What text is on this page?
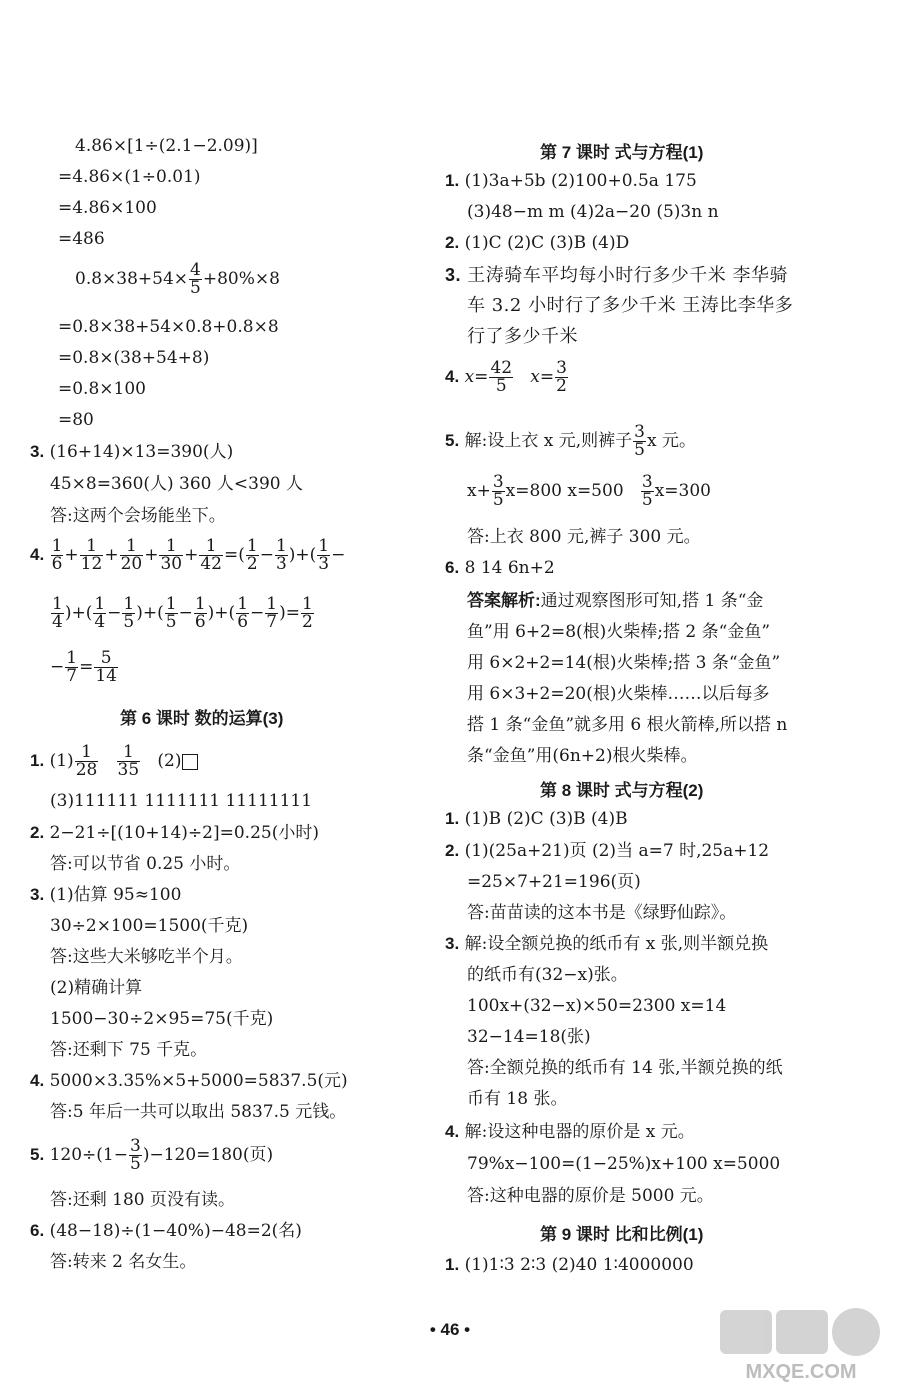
4.86×[1÷(2.1−2.09)]
=4.86×(1÷0.01)
=4.86×100
=486
$0.8\times 38+54\times \frac{4}{5} +80\%\times 8$
=0.8×38+54×0.8+0.8×8
=0.8×(38+54+8)
=0.8×100
=80
3. (16+14)×13=390(人)
45×8=360(人) 360 人<390 人
答:这两个会场能坐下。
4. $\frac{1}{6} + \frac{1}{12} + \frac{1}{20} + \frac{1}{30} + \frac{1}{42}$ =( $\frac{1}{2} - \frac{1}{3}$ )+( $\frac{1}{3}$ −
$\frac{1}{4}$ )+( $\frac{1}{4} - \frac{1}{5}$ )+( $\frac{1}{5} - \frac{1}{6}$ )+( $\frac{1}{6} - \frac{1}{7}$ )= $\frac{1}{2}$
− $\frac{1}{7} = \frac{5}{14}$
第 6 课时 数的运算(3)
1. $(1) \frac{1}{28}$
$\frac{1}{35} (2)$
(3)111111 1111111 11111111
2. 2−21÷[(10+14)÷2]=0.25(小时)
答:可以节省 0.25 小时。
3. (1)估算 95≈100
30÷2×100=1500(千克)
答:这些大米够吃半个月。
(2)精确计算
1500−30÷2×95=75(千克)
答:还剩下 75 千克。
4. 5000×3.35%×5+5000=5837.5(元)
答:5 年后一共可以取出 5837.5 元钱。
5. $120\div(1- \frac{3}{5} )-120=180$(页)
答:还剩 180 页没有读。
6. (48−18)÷(1−40%)−48=2(名)
答:转来 2 名女生。
第 7 课时 式与方程(1)
1. (1)3a+5b (2)100+0.5a 175
(3)48−m m (4)2a−20 (5)3n n
2. (1)C (2)C (3)B (4)D
3. 王涛骑车平均每小时行多少千米 李华骑
车 3.2 小时行了多少千米 王涛比李华多
行了多少千米
4. $x= \frac{42}{5} x= \frac{3}{2}$
5. 解:设上衣 x 元,则裤子 $\frac{3}{5}$ x 元。
$x+ \frac{3}{5} x=800$ $x=500 \frac{3}{5} x=300$
答:上衣 800 元,裤子 300 元。
6. 8 14 6n+2
答案解析:通过观察图形可知,搭 1 条“金
鱼”用 6+2=8(根)火柴棒;搭 2 条“金鱼”
用 6×2+2=14(根)火柴棒;搭 3 条“金鱼”
用 6×3+2=20(根)火柴棒……以后每多
搭 1 条“金鱼”就多用 6 根火箭棒,所以搭 n
条“金鱼”用(6n+2)根火柴棒。
第 8 课时 式与方程(2)
1. (1)B (2)C (3)B (4)B
2. (1)(25a+21)页 (2)当 a=7 时,25a+12
=25×7+21=196(页)
答:苗苗读的这本书是《绿野仙踪》。
3. 解:设全额兑换的纸币有 x 张,则半额兑换
的纸币有(32−x)张。
100x+(32−x)×50=2300 x=14
32−14=18(张)
答:全额兑换的纸币有 14 张,半额兑换的纸
币有 18 张。
4. 解:设这种电器的原价是 x 元。
79%x−100=(1−25%)x+100 x=5000
答:这种电器的原价是 5000 元。
第 9 课时 比和比例(1)
1. (1)1∶3 2∶3 (2)40 1∶4000000
• 46 •
MXQE.COM
